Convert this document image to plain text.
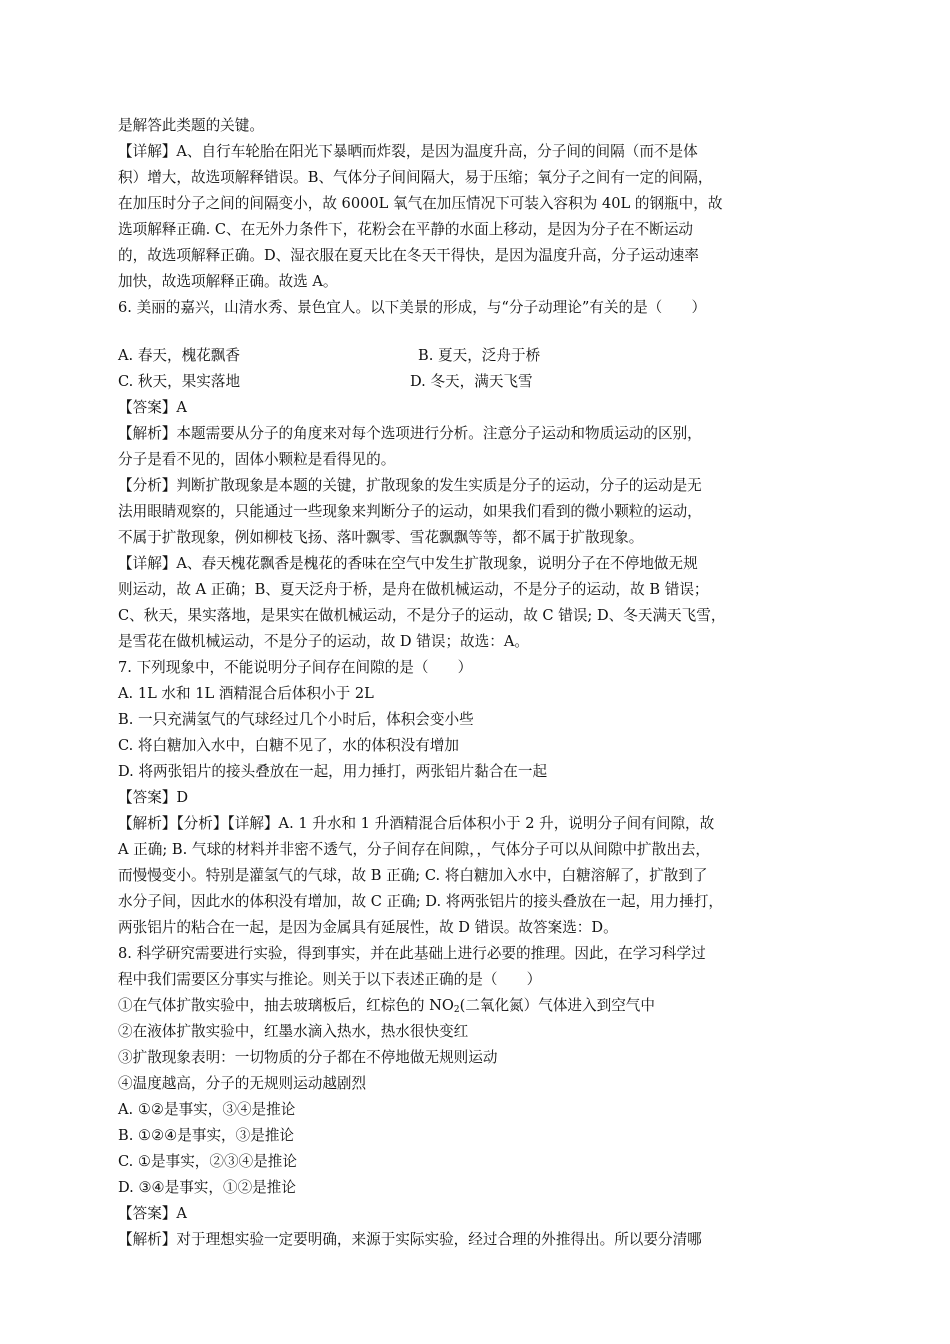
是解答此类题的关键。
【详解】A、自行车轮胎在阳光下暴晒而炸裂，是因为温度升高，分子间的间隔（而不是体
积）增大，故选项解释错误。B、气体分子间间隔大，易于压缩；氧分子之间有一定的间隔，
在加压时分子之间的间隔变小，故 6000L 氧气在加压情况下可装入容积为 40L 的钢瓶中，故
选项解释正确. C、在无外力条件下，花粉会在平静的水面上移动，是因为分子在不断运动
的，故选项解释正确。D、湿衣服在夏天比在冬天干得快，是因为温度升高，分子运动速率
加快，故选项解释正确。故选 A。
6. 美丽的嘉兴，山清水秀、景色宜人。以下美景的形成，与“分子动理论”有关的是（　　）
A. 春天，槐花飘香	B. 夏天，泛舟于桥
C. 秋天，果实落地	D. 冬天，满天飞雪
【答案】A
【解析】本题需要从分子的角度来对每个选项进行分析。注意分子运动和物质运动的区别，
分子是看不见的，固体小颗粒是看得见的。
【分析】判断扩散现象是本题的关键，扩散现象的发生实质是分子的运动，分子的运动是无
法用眼睛观察的，只能通过一些现象来判断分子的运动，如果我们看到的微小颗粒的运动，
不属于扩散现象，例如柳枝飞扬、落叶飘零、雪花飘飘等等，都不属于扩散现象。
【详解】A、春天槐花飘香是槐花的香味在空气中发生扩散现象，说明分子在不停地做无规
则运动，故 A 正确；B、夏天泛舟于桥，是舟在做机械运动，不是分子的运动，故 B 错误；
C、秋天，果实落地，是果实在做机械运动，不是分子的运动，故 C 错误; D、冬天满天飞雪，
是雪花在做机械运动，不是分子的运动，故 D 错误；故选：A。
7. 下列现象中，不能说明分子间存在间隙的是（　　）
A. 1L 水和 1L 酒精混合后体积小于 2L
B. 一只充满氢气的气球经过几个小时后，体积会变小些
C. 将白糖加入水中，白糖不见了，水的体积没有增加
D. 将两张铝片的接头叠放在一起，用力捶打，两张铝片黏合在一起
【答案】D
【解析】【分析】【详解】A. 1 升水和 1 升酒精混合后体积小于 2 升，说明分子间有间隙，故
A 正确; B. 气球的材料并非密不透气，分子间存在间隙，，气体分子可以从间隙中扩散出去，
而慢慢变小。特别是灌氢气的气球，故 B 正确; C. 将白糖加入水中，白糖溶解了，扩散到了
水分子间，因此水的体积没有增加，故 C 正确; D. 将两张铝片的接头叠放在一起，用力捶打，
两张铝片的粘合在一起，是因为金属具有延展性，故 D 错误。故答案选：D。
8. 科学研究需要进行实验，得到事实，并在此基础上进行必要的推理。因此，在学习科学过
程中我们需要区分事实与推论。则关于以下表述正确的是（　　）
①在气体扩散实验中，抽去玻璃板后，红棕色的 $NO_2$(二氧化氮）气体进入到空气中
②在液体扩散实验中，红墨水滴入热水，热水很快变红
③扩散现象表明：一切物质的分子都在不停地做无规则运动
④温度越高，分子的无规则运动越剧烈
A. ①②是事实，③④是推论
B. ①②④是事实，③是推论
C. ①是事实，②③④是推论
D. ③④是事实，①②是推论
【答案】A
【解析】对于理想实验一定要明确，来源于实际实验，经过合理的外推得出。所以要分清哪
